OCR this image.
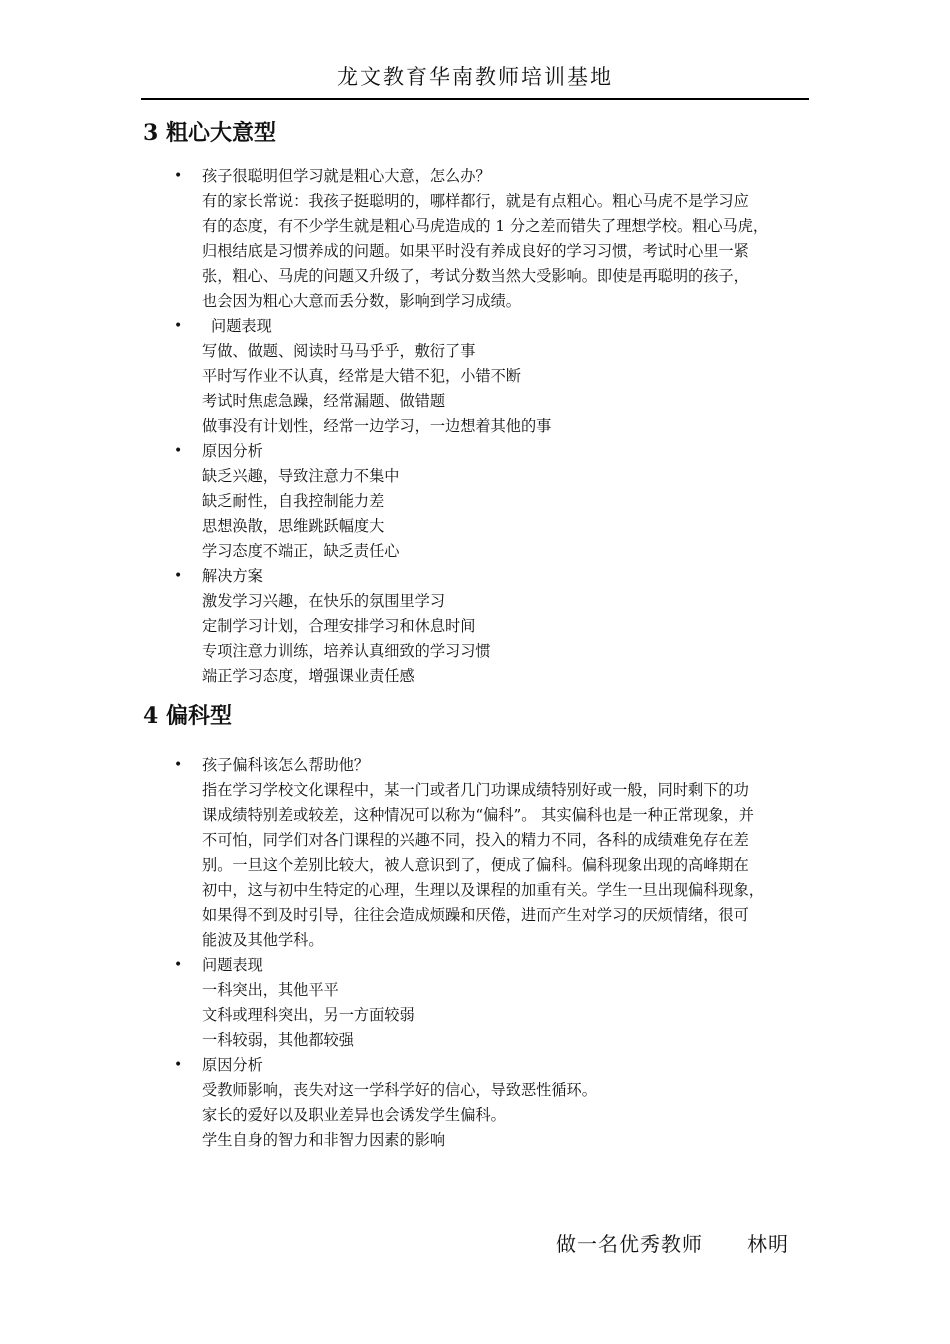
龙文教育华南教师培训基地
3 粗心大意型
• 孩子很聪明但学习就是粗心大意，怎么办？
有的家长常说：我孩子挺聪明的，哪样都行，就是有点粗心。粗心马虎不是学习应
有的态度，有不少学生就是粗心马虎造成的 1 分之差而错失了理想学校。粗心马虎，
归根结底是习惯养成的问题。如果平时没有养成良好的学习习惯，考试时心里一紧
张，粗心、马虎的问题又升级了，考试分数当然大受影响。即使是再聪明的孩子，
也会因为粗心大意而丢分数，影响到学习成绩。
•	问题表现
写做、做题、阅读时马马乎乎，敷衍了事
平时写作业不认真，经常是大错不犯，小错不断
考试时焦虑急躁，经常漏题、做错题
做事没有计划性，经常一边学习，一边想着其他的事
• 原因分析
缺乏兴趣，导致注意力不集中
缺乏耐性，自我控制能力差
思想涣散，思维跳跃幅度大
学习态度不端正，缺乏责任心
• 解决方案
激发学习兴趣，在快乐的氛围里学习
定制学习计划，合理安排学习和休息时间
专项注意力训练，培养认真细致的学习习惯
端正学习态度，增强课业责任感
4 偏科型
• 孩子偏科该怎么帮助他？
指在学习学校文化课程中，某一门或者几门功课成绩特别好或一般，同时剩下的功
课成绩特别差或较差，这种情况可以称为“偏科”。 其实偏科也是一种正常现象，并
不可怕，同学们对各门课程的兴趣不同，投入的精力不同，各科的成绩难免存在差
别。一旦这个差别比较大，被人意识到了，便成了偏科。偏科现象出现的高峰期在
初中，这与初中生特定的心理，生理以及课程的加重有关。学生一旦出现偏科现象，
如果得不到及时引导，往往会造成烦躁和厌倦，进而产生对学习的厌烦情绪，很可
能波及其他学科。
• 问题表现
一科突出，其他平平
文科或理科突出，另一方面较弱
一科较弱，其他都较强
• 原因分析
受教师影响，丧失对这一学科学好的信心，导致恶性循环。
家长的爱好以及职业差异也会诱发学生偏科。
学生自身的智力和非智力因素的影响
做一名优秀教师 林明
